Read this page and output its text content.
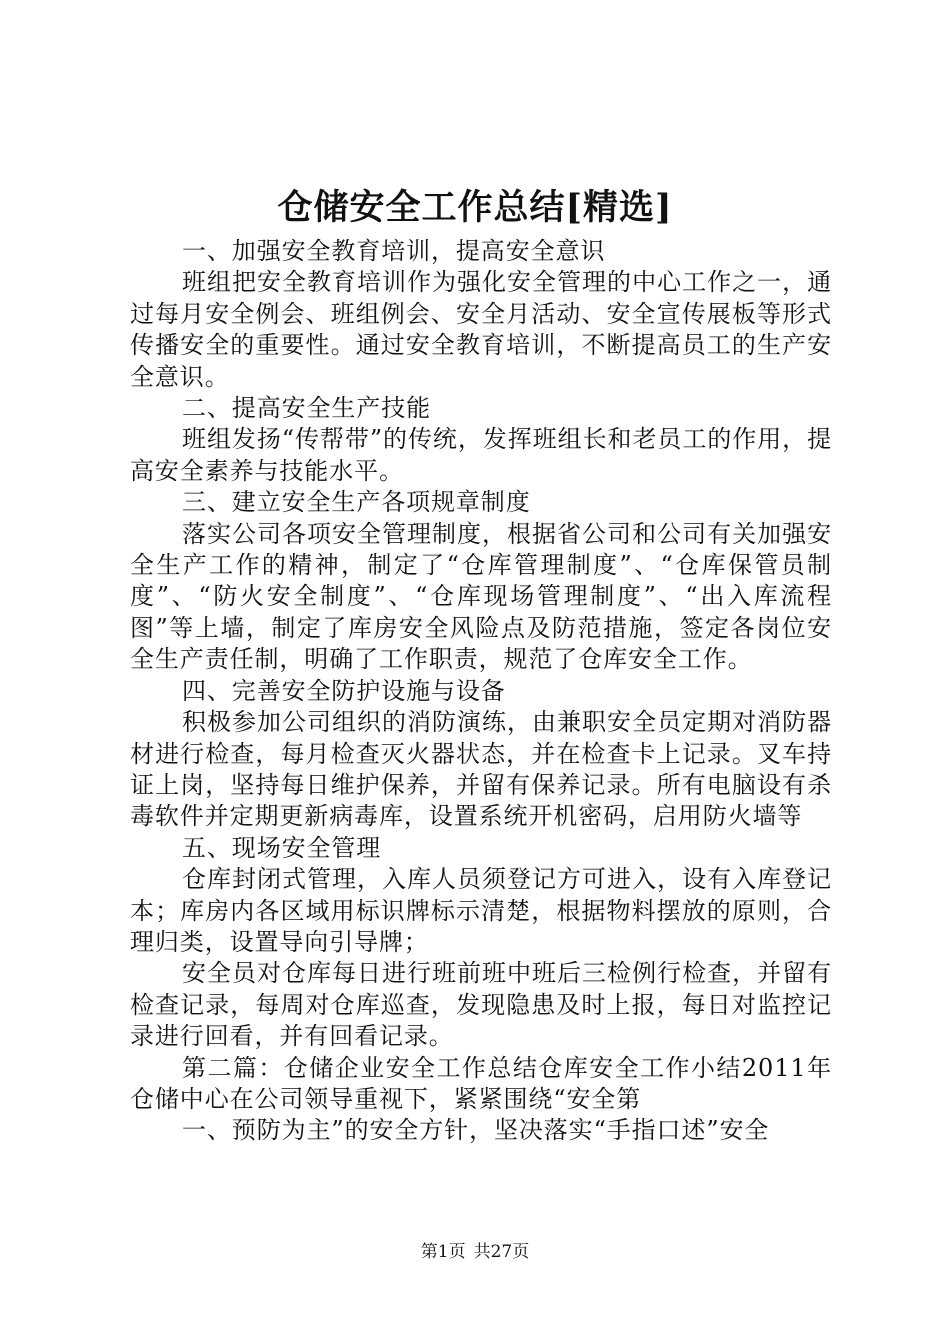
仓储安全工作总结[精选]

一、加强安全教育培训，提高安全意识

班组把安全教育培训作为强化安全管理的中心工作之一，通过每月安全例会、班组例会、安全月活动、安全宣传展板等形式传播安全的重要性。通过安全教育培训，不断提高员工的生产安全意识。

二、提高安全生产技能

班组发扬“传帮带”的传统，发挥班组长和老员工的作用，提高安全素养与技能水平。

三、建立安全生产各项规章制度

落实公司各项安全管理制度，根据省公司和公司有关加强安全生产工作的精神，制定了“仓库管理制度”、“仓库保管员制度”、“防火安全制度”、“仓库现场管理制度”、“出入库流程图”等上墙，制定了库房安全风险点及防范措施，签定各岗位安全生产责任制，明确了工作职责，规范了仓库安全工作。

四、完善安全防护设施与设备

积极参加公司组织的消防演练，由兼职安全员定期对消防器材进行检查，每月检查灭火器状态，并在检查卡上记录。叉车持证上岗，坚持每日维护保养，并留有保养记录。所有电脑设有杀毒软件并定期更新病毒库，设置系统开机密码，启用防火墙等

五、现场安全管理

仓库封闭式管理，入库人员须登记方可进入，设有入库登记本；库房内各区域用标识牌标示清楚，根据物料摆放的原则，合理归类，设置导向引导牌；

安全员对仓库每日进行班前班中班后三检例行检查，并留有检查记录，每周对仓库巡查，发现隐患及时上报，每日对监控记录进行回看，并有回看记录。

第二篇：仓储企业安全工作总结仓库安全工作小结2011年仓储中心在公司领导重视下，紧紧围绕“安全第

一、预防为主”的安全方针，坚决落实“手指口述”安全

第1页 共27页
